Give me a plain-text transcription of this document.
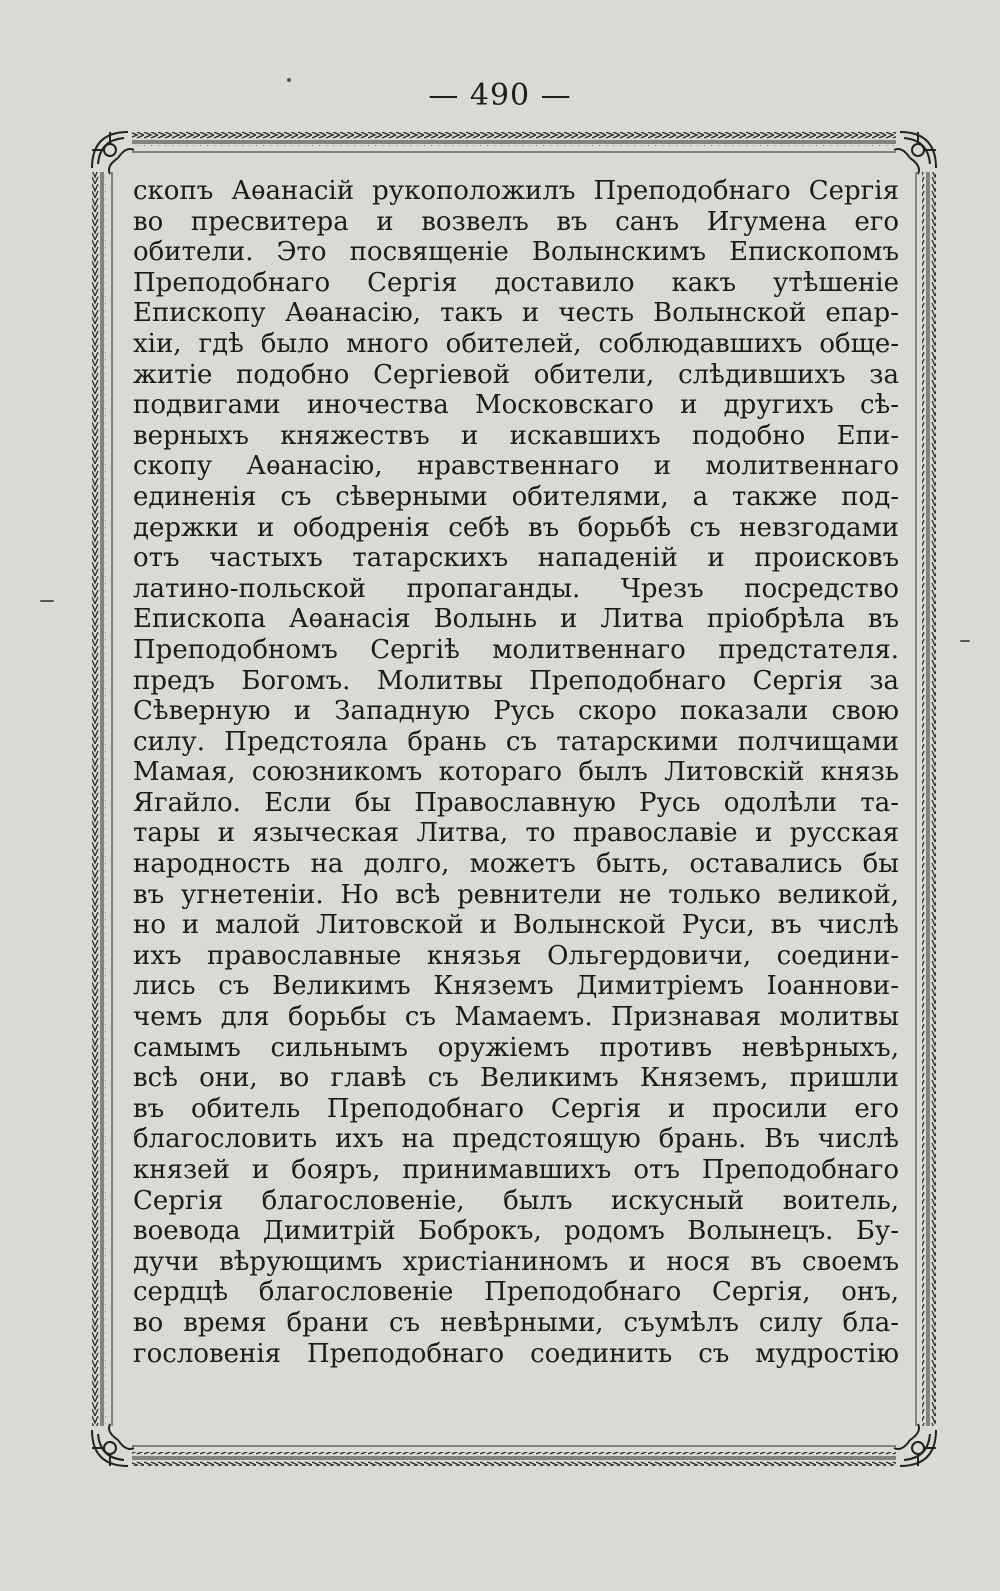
— 490 —
скопъ Аѳанасій рукоположилъ Преподобнаго Сергія
во пресвитера и возвелъ въ санъ Игумена его
обители. Это посвященіе Волынскимъ Епископомъ
Преподобнаго Сергія доставило какъ утѣшеніе
Епископу Аѳанасію, такъ и честь Волынской епар-
хіи, гдѣ было много обителей, соблюдавшихъ обще-
житіе подобно Сергіевой обители, слѣдившихъ за
подвигами иночества Московскаго и другихъ сѣ-
верныхъ княжествъ и искавшихъ подобно Епи-
скопу Аѳанасію, нравственнаго и молитвеннаго
единенія съ сѣверными обителями, а также под-
держки и ободренія себѣ въ борьбѣ съ невзгодами
отъ частыхъ татарскихъ нападеній и происковъ
латино-польской пропаганды. Чрезъ посредство
Епископа Аѳанасія Волынь и Литва пріобрѣла въ
Преподобномъ Сергіѣ молитвеннаго предстателя.
предъ Богомъ. Молитвы Преподобнаго Сергія за
Сѣверную и Западную Русь скоро показали свою
силу. Предстояла брань съ татарскими полчищами
Мамая, союзникомъ котораго былъ Литовскій князь
Ягайло. Если бы Православную Русь одолѣли та-
тары и языческая Литва, то православіе и русская
народность на долго, можетъ быть, оставались бы
въ угнетеніи. Но всѣ ревнители не только великой,
но и малой Литовской и Волынской Руси, въ числѣ
ихъ православные князья Ольгердовичи, соедини-
лись съ Великимъ Княземъ Димитріемъ Іоаннови-
чемъ для борьбы съ Мамаемъ. Признавая молитвы
самымъ сильнымъ оружіемъ противъ невѣрныхъ,
всѣ они, во главѣ съ Великимъ Княземъ, пришли
въ обитель Преподобнаго Сергія и просили его
благословить ихъ на предстоящую брань. Въ числѣ
князей и бояръ, принимавшихъ отъ Преподобнаго
Сергія благословеніе, былъ искусный воитель,
воевода Димитрій Боброкъ, родомъ Волынецъ. Бу-
дучи вѣрующимъ христіаниномъ и нося въ своемъ
сердцѣ благословеніе Преподобнаго Сергія, онъ,
во время брани съ невѣрными, съумѣлъ силу бла-
гословенія Преподобнаго соединить съ мудростію
